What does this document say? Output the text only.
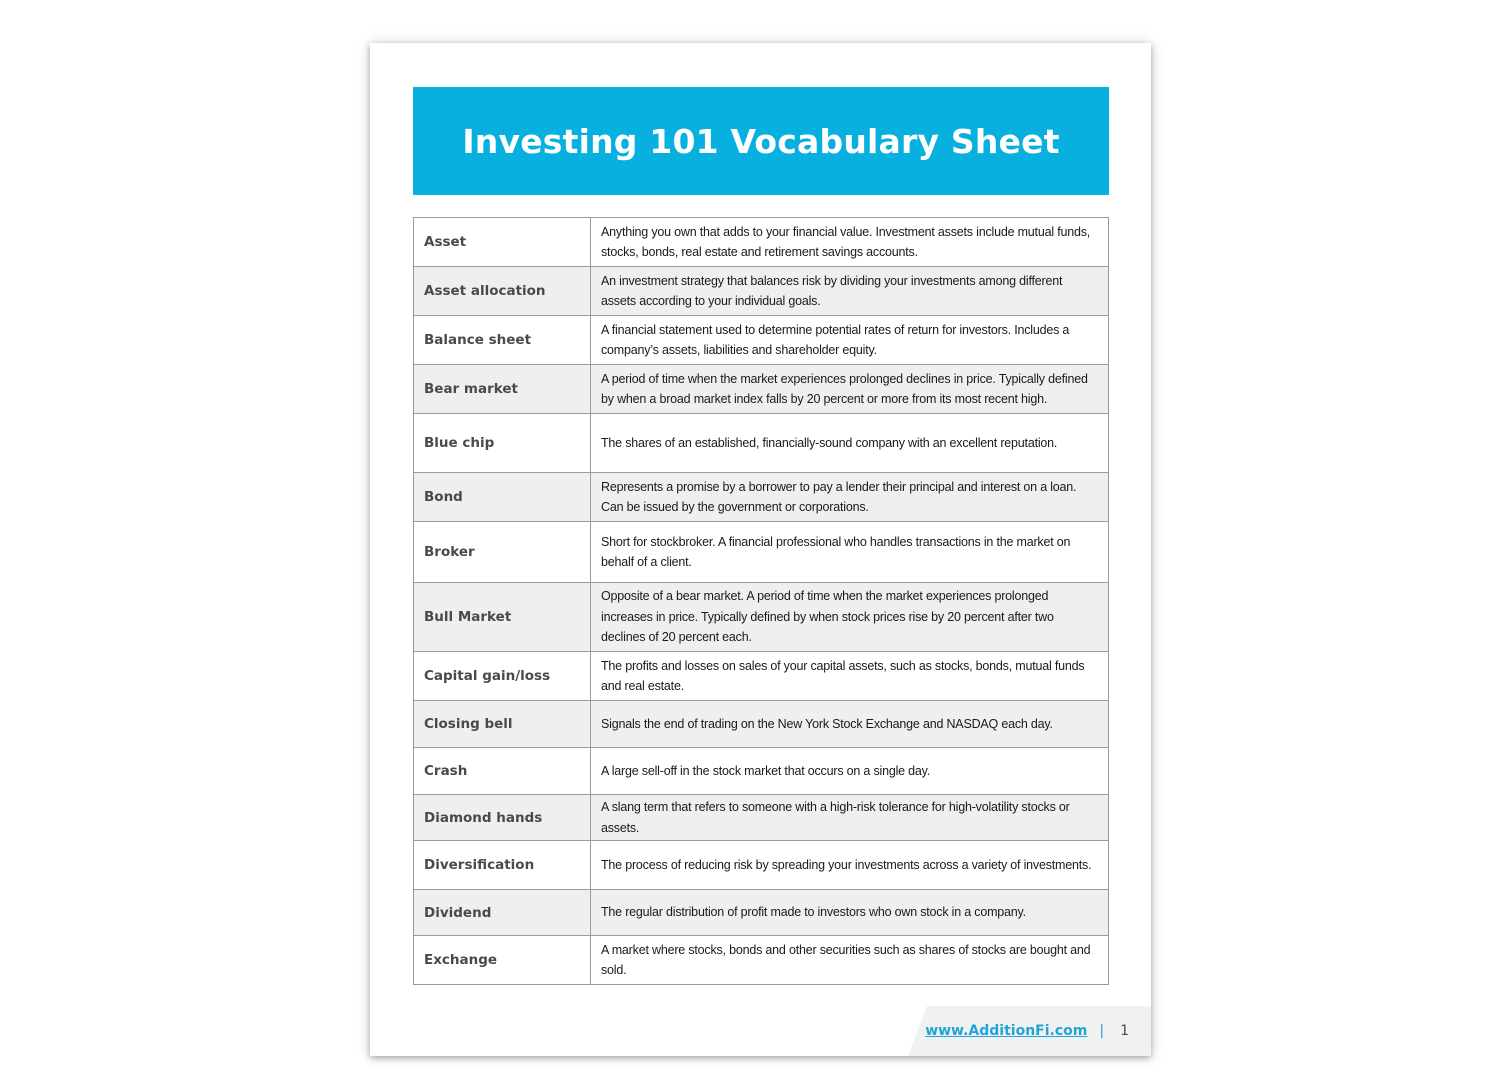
Investing 101 Vocabulary Sheet
Asset	Anything you own that adds to your financial value. Investment assets include mutual funds, stocks, bonds, real estate and retirement savings accounts.
Asset allocation	An investment strategy that balances risk by dividing your investments among different assets according to your individual goals.
Balance sheet	A financial statement used to determine potential rates of return for investors. Includes a company’s assets, liabilities and shareholder equity.
Bear market	A period of time when the market experiences prolonged declines in price. Typically defined by when a broad market index falls by 20 percent or more from its most recent high.
Blue chip	The shares of an established, financially-sound company with an excellent reputation.
Bond	Represents a promise by a borrower to pay a lender their principal and interest on a loan. Can be issued by the government or corporations.
Broker	Short for stockbroker. A financial professional who handles transactions in the market on behalf of a client.
Bull Market	Opposite of a bear market. A period of time when the market experiences prolonged increases in price. Typically defined by when stock prices rise by 20 percent after two declines of 20 percent each.
Capital gain/loss	The profits and losses on sales of your capital assets, such as stocks, bonds, mutual funds and real estate.
Closing bell	Signals the end of trading on the New York Stock Exchange and NASDAQ each day.
Crash	A large sell-off in the stock market that occurs on a single day.
Diamond hands	A slang term that refers to someone with a high-risk tolerance for high-volatility stocks or assets.
Diversification	The process of reducing risk by spreading your investments across a variety of investments.
Dividend	The regular distribution of profit made to investors who own stock in a company.
Exchange	A market where stocks, bonds and other securities such as shares of stocks are bought and sold.
www.AdditionFi.com | 1
